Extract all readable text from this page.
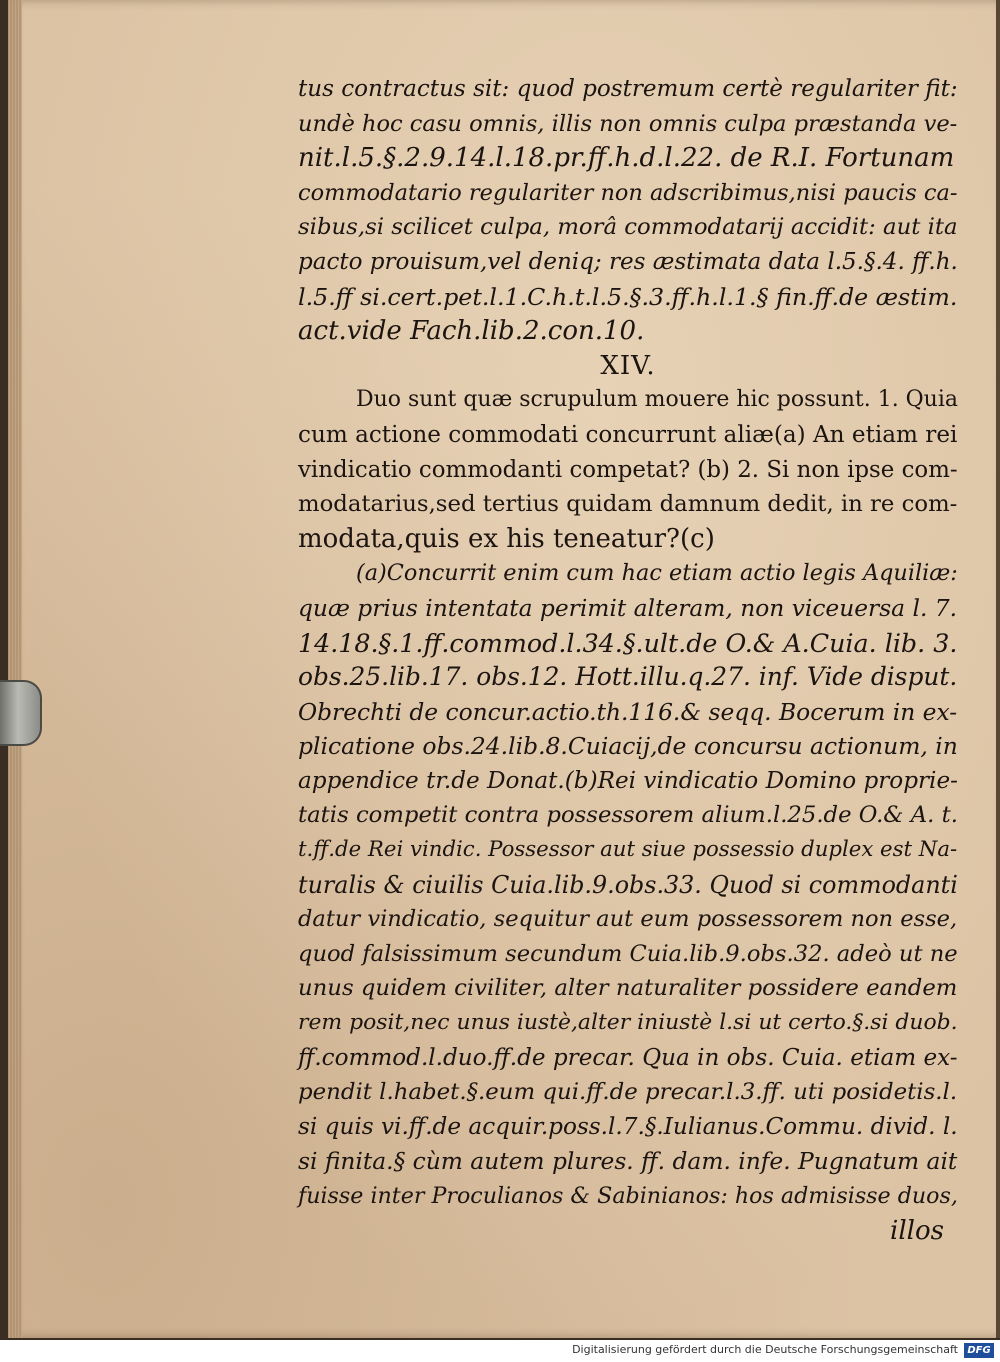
tus contractus sit: quod postremum certè regulariter fit:
undè hoc casu omnis, illis non omnis culpa præstanda ve-
nit.l.5.§.2.9.14.l.18.pr.ff.h.d.l.22. de R.I. Fortunam
commodatario regulariter non adscribimus,nisi paucis ca-
sibus,si scilicet culpa, morâ commodatarij accidit: aut ita
pacto prouisum,vel deniq; res æstimata data l.5.§.4. ff.h.
l.5.ff si.cert.pet.l.1.C.h.t.l.5.§.3.ff.h.l.1.§ fin.ff.de æstim.
act.vide Fach.lib.2.con.10.
XIV.
Duo sunt quæ scrupulum mouere hic possunt. 1. Quia
cum actione commodati concurrunt aliæ(a) An etiam rei
vindicatio commodanti competat? (b) 2. Si non ipse com-
modatarius,sed tertius quidam damnum dedit, in re com-
modata,quis ex his teneatur?(c)
(a)Concurrit enim cum hac etiam actio legis Aquiliæ:
quæ prius intentata perimit alteram, non viceuersa l. 7.
14.18.§.1.ff.commod.l.34.§.ult.de O.& A.Cuia. lib. 3.
obs.25.lib.17. obs.12. Hott.illu.q.27. inf. Vide disput.
Obrechti de concur.actio.th.116.& seqq. Bocerum in ex-
plicatione obs.24.lib.8.Cuiacij,de concursu actionum, in
appendice tr.de Donat.(b)Rei vindicatio Domino proprie-
tatis competit contra possessorem alium.l.25.de O.& A. t.
t.ff.de Rei vindic. Possessor aut siue possessio duplex est Na-
turalis & ciuilis Cuia.lib.9.obs.33. Quod si commodanti
datur vindicatio, sequitur aut eum possessorem non esse,
quod falsissimum secundum Cuia.lib.9.obs.32. adeò ut ne
unus quidem civiliter, alter naturaliter possidere eandem
rem posit,nec unus iustè,alter iniustè l.si ut certo.§.si duob.
ff.commod.l.duo.ff.de precar. Qua in obs. Cuia. etiam ex-
pendit l.habet.§.eum qui.ff.de precar.l.3.ff. uti posidetis.l.
si quis vi.ff.de acquir.poss.l.7.§.Iulianus.Commu. divid. l.
si finita.§ cùm autem plures. ff. dam. infe. Pugnatum ait
fuisse inter Proculianos & Sabinianos: hos admisisse duos,
illos
Digitalisierung gefördert durch die Deutsche Forschungsgemeinschaft DFG
